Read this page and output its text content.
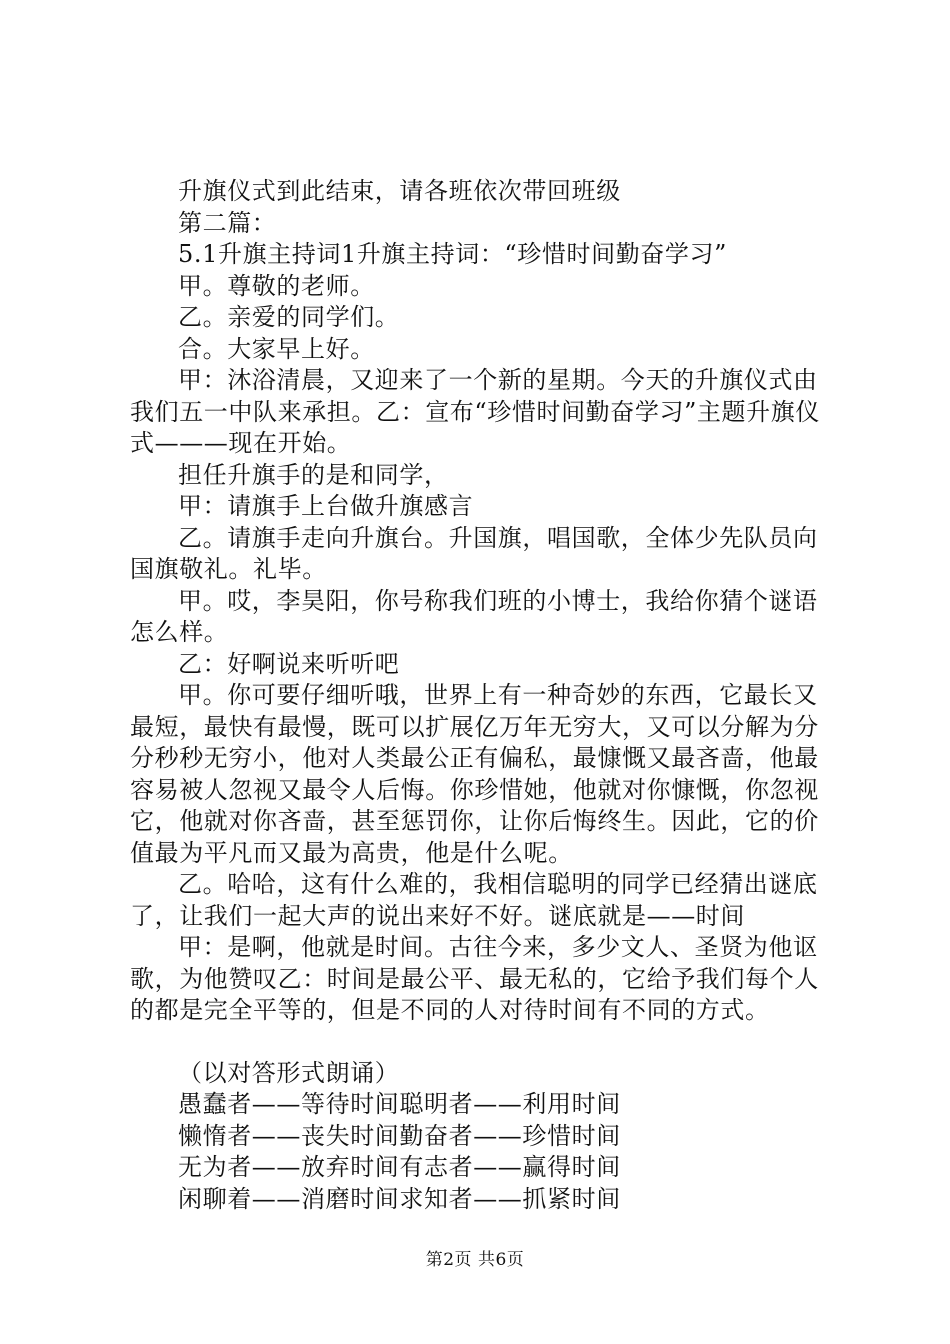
升旗仪式到此结束，请各班依次带回班级

第二篇：

5.1升旗主持词1升旗主持词：“珍惜时间勤奋学习”

甲。尊敬的老师。

乙。亲爱的同学们。

合。大家早上好。

甲：沐浴清晨，又迎来了一个新的星期。今天的升旗仪式由我们五一中队来承担。乙：宣布“珍惜时间勤奋学习”主题升旗仪式———现在开始。

担任升旗手的是和同学，

甲：请旗手上台做升旗感言

乙。请旗手走向升旗台。升国旗，唱国歌，全体少先队员向国旗敬礼。礼毕。

甲。哎，李昊阳，你号称我们班的小博士，我给你猜个谜语怎么样。

乙：好啊说来听听吧

甲。你可要仔细听哦，世界上有一种奇妙的东西，它最长又最短，最快有最慢，既可以扩展亿万年无穷大，又可以分解为分分秒秒无穷小，他对人类最公正有偏私，最慷慨又最吝啬，他最容易被人忽视又最令人后悔。你珍惜她，他就对你慷慨，你忽视它，他就对你吝啬，甚至惩罚你，让你后悔终生。因此，它的价值最为平凡而又最为高贵，他是什么呢。

乙。哈哈，这有什么难的，我相信聪明的同学已经猜出谜底了，让我们一起大声的说出来好不好。谜底就是——时间

甲：是啊，他就是时间。古往今来，多少文人、圣贤为他讴歌，为他赞叹乙：时间是最公平、最无私的，它给予我们每个人的都是完全平等的，但是不同的人对待时间有不同的方式。

（以对答形式朗诵）

愚蠢者——等待时间聪明者——利用时间

懒惰者——丧失时间勤奋者——珍惜时间

无为者——放弃时间有志者——赢得时间

闲聊着——消磨时间求知者——抓紧时间

第2页 共6页
